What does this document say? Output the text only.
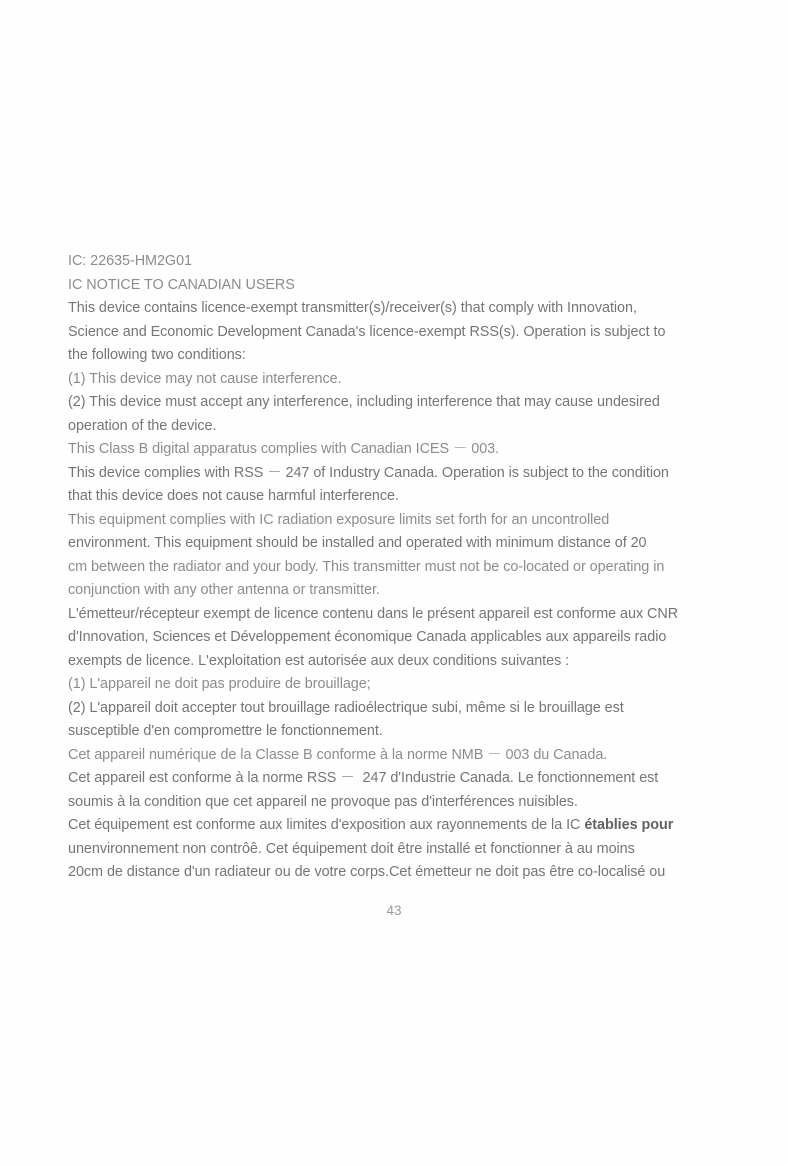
IC: 22635-HM2G01
IC NOTICE TO CANADIAN USERS
This device contains licence-exempt transmitter(s)/receiver(s) that comply with Innovation,
Science and Economic Development Canada's licence-exempt RSS(s). Operation is subject to
the following two conditions:
(1) This device may not cause interference.
(2) This device must accept any interference, including interference that may cause undesired
operation of the device.
This Class B digital apparatus complies with Canadian ICES － 003.
This device complies with RSS － 247 of Industry Canada. Operation is subject to the condition
that this device does not cause harmful interference.
This equipment complies with IC radiation exposure limits set forth for an uncontrolled
environment. This equipment should be installed and operated with minimum distance of 20
cm between the radiator and your body. This transmitter must not be co-located or operating in
conjunction with any other antenna or transmitter.
L'émetteur/récepteur exempt de licence contenu dans le présent appareil est conforme aux CNR
d'Innovation, Sciences et Développement économique Canada applicables aux appareils radio
exempts de licence. L'exploitation est autorisée aux deux conditions suivantes :
(1) L'appareil ne doit pas produire de brouillage;
(2) L'appareil doit accepter tout brouillage radioélectrique subi, même si le brouillage est
susceptible d'en compromettre le fonctionnement.
Cet appareil numérique de la Classe B conforme à la norme NMB － 003 du Canada.
Cet appareil est conforme à la norme RSS －  247 d'Industrie Canada. Le fonctionnement est
soumis à la condition que cet appareil ne provoque pas d'interférences nuisibles.
Cet équipement est conforme aux limites d'exposition aux rayonnements de la IC établies pour
unenvironnement non contrôê. Cet équipement doit être installé et fonctionner à au moins
20cm de distance d'un radiateur ou de votre corps.Cet émetteur ne doit pas être co-localisé ou
43
